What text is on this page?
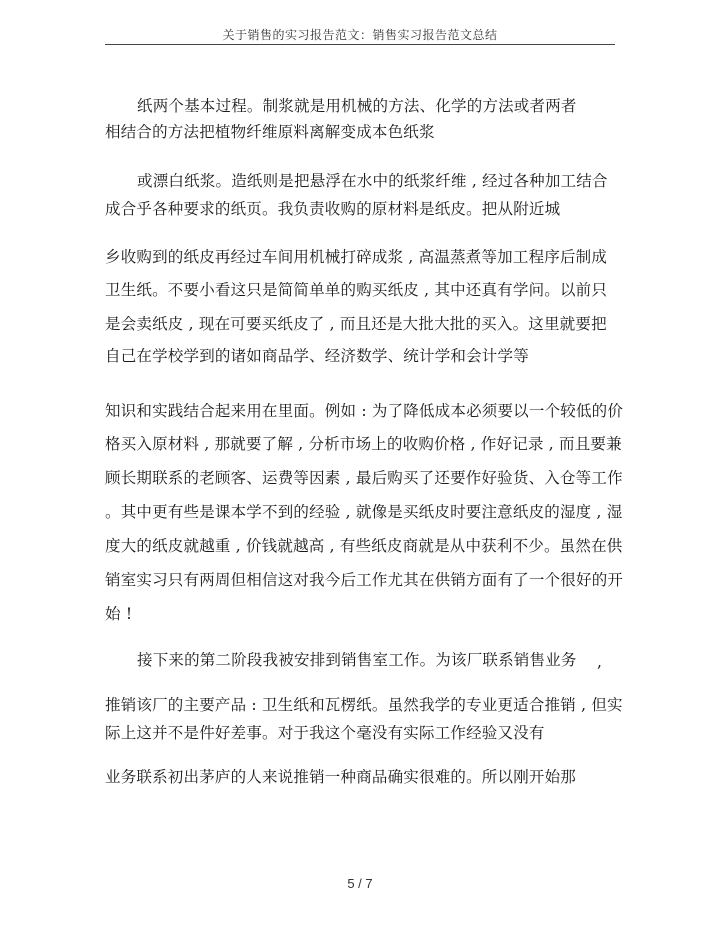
关于销售的实习报告范文：销售实习报告范文总结
纸两个基本过程。制浆就是用机械的方法、化学的方法或者两者
相结合的方法把植物纤维原料离解变成本色纸浆
或漂白纸浆。造纸则是把悬浮在水中的纸浆纤维 , 经过各种加工结合
成合乎各种要求的纸页。我负责收购的原材料是纸皮。把从附近城
乡收购到的纸皮再经过车间用机械打碎成浆 , 高温蒸煮等加工程序后制成
卫生纸。不要小看这只是简简单单的购买纸皮 , 其中还真有学问。以前只
是会卖纸皮 , 现在可要买纸皮了 , 而且还是大批大批的买入。这里就要把
自己在学校学到的诸如商品学、经济数学、统计学和会计学等
知识和实践结合起来用在里面。例如 : 为了降低成本必须要以一个较低的价
格买入原材料 , 那就要了解 , 分析市场上的收购价格 , 作好记录 , 而且要兼
顾长期联系的老顾客、运费等因素 , 最后购买了还要作好验货、入仓等工作
。其中更有些是课本学不到的经验 , 就像是买纸皮时要注意纸皮的湿度 , 湿
度大的纸皮就越重 , 价钱就越高 , 有些纸皮商就是从中获利不少。虽然在供
销室实习只有两周但相信这对我今后工作尤其在供销方面有了一个很好的开
始 !
接下来的第二阶段我被安排到销售室工作。为该厂联系销售业务 ,
推销该厂的主要产品 : 卫生纸和瓦楞纸。虽然我学的专业更适合推销 , 但实
际上这并不是件好差事。对于我这个毫没有实际工作经验又没有
业务联系初出茅庐的人来说推销一种商品确实很难的。所以刚开始那
5 / 7
